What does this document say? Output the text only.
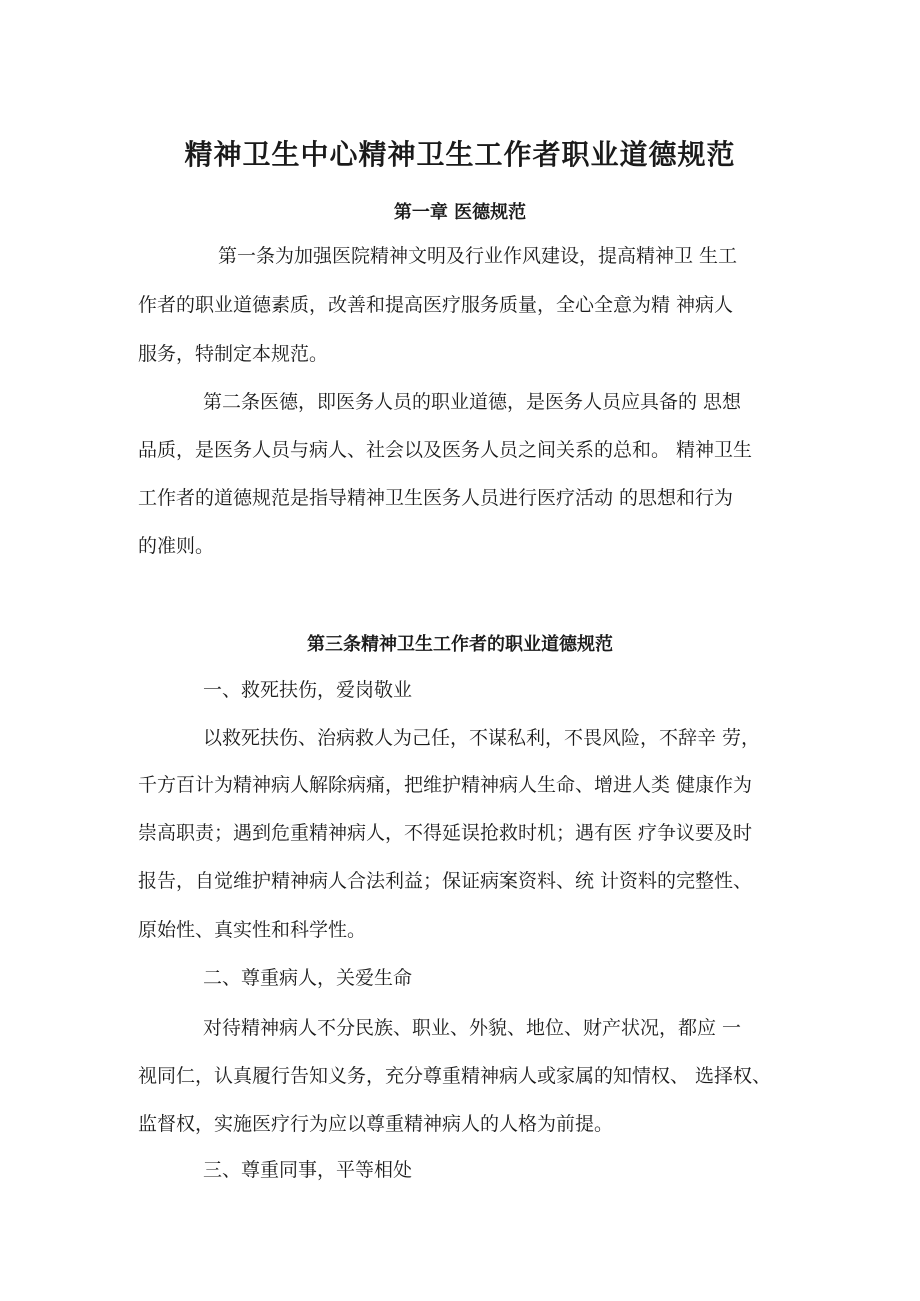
精神卫生中心精神卫生工作者职业道德规范
第一章 医德规范
第一条为加强医院精神文明及行业作风建设，提高精神卫 生工
作者的职业道德素质，改善和提高医疗服务质量，全心全意为精 神病人
服务，特制定本规范。
第二条医德，即医务人员的职业道德，是医务人员应具备的 思想
品质，是医务人员与病人、社会以及医务人员之间关系的总和。 精神卫生
工作者的道德规范是指导精神卫生医务人员进行医疗活动 的思想和行为
的准则。
第三条精神卫生工作者的职业道德规范
一、救死扶伤，爱岗敬业
以救死扶伤、治病救人为己任，不谋私利，不畏风险，不辞辛 劳，
千方百计为精神病人解除病痛，把维护精神病人生命、增进人类 健康作为
崇高职责；遇到危重精神病人，不得延误抢救时机；遇有医 疗争议要及时
报告，自觉维护精神病人合法利益；保证病案资料、统 计资料的完整性、
原始性、真实性和科学性。
二、尊重病人，关爱生命
对待精神病人不分民族、职业、外貌、地位、财产状况，都应 一
视同仁，认真履行告知义务，充分尊重精神病人或家属的知情权、 选择权、
监督权，实施医疗行为应以尊重精神病人的人格为前提。
三、尊重同事，平等相处
